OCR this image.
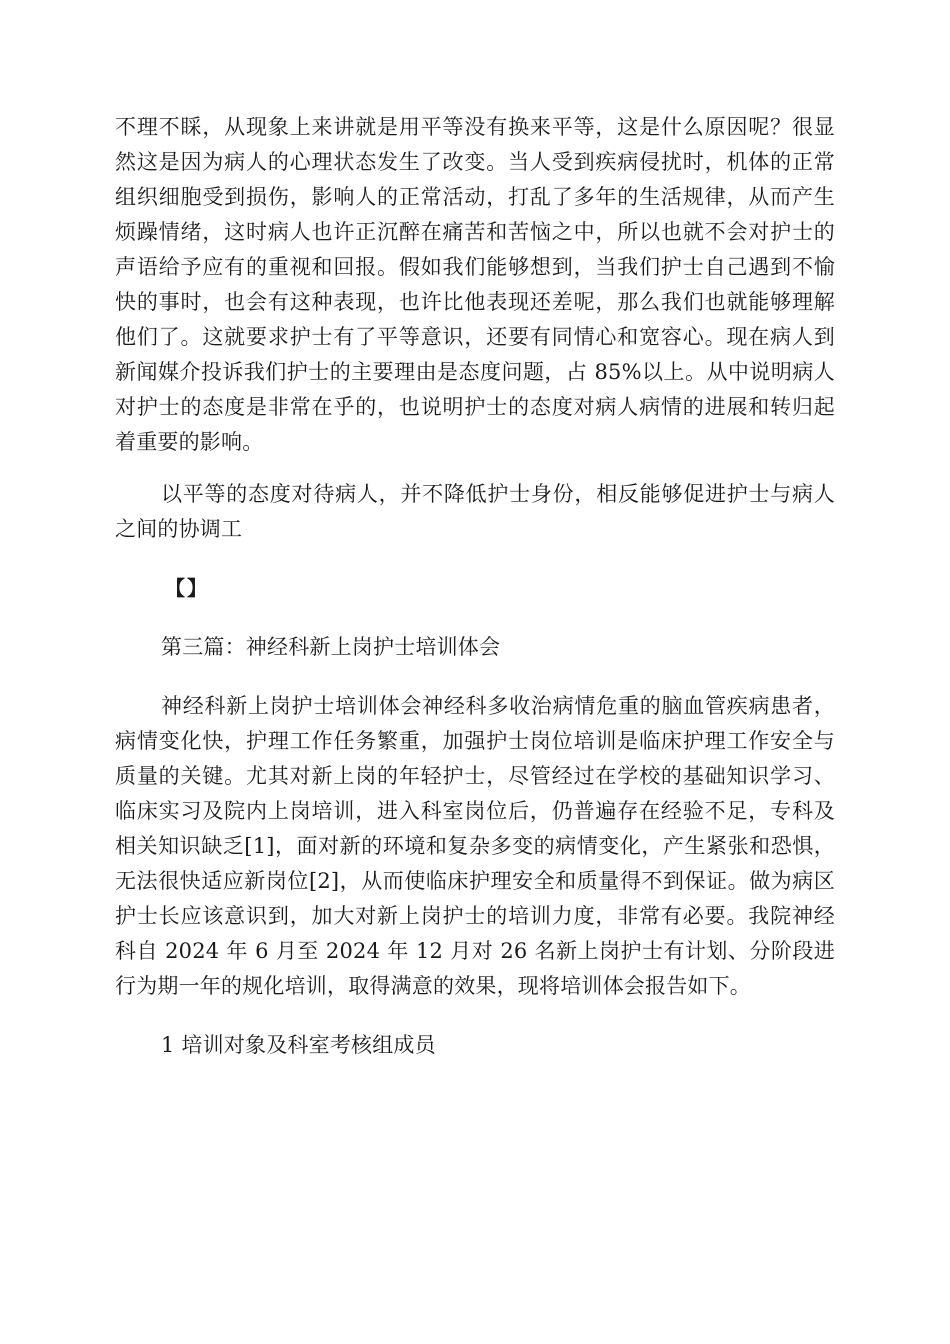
不理不睬，从现象上来讲就是用平等没有换来平等，这是什么原因呢？很显然这是因为病人的心理状态发生了改变。当人受到疾病侵扰时，机体的正常组织细胞受到损伤，影响人的正常活动，打乱了多年的生活规律，从而产生烦躁情绪，这时病人也许正沉醉在痛苦和苦恼之中，所以也就不会对护士的声语给予应有的重视和回报。假如我们能够想到，当我们护士自己遇到不愉快的事时，也会有这种表现，也许比他表现还差呢，那么我们也就能够理解他们了。这就要求护士有了平等意识，还要有同情心和宽容心。现在病人到新闻媒介投诉我们护士的主要理由是态度问题，占 85%以上。从中说明病人对护士的态度是非常在乎的，也说明护士的态度对病人病情的进展和转归起着重要的影响。

以平等的态度对待病人，并不降低护士身份，相反能够促进护士与病人之间的协调工

【】

第三篇：神经科新上岗护士培训体会

神经科新上岗护士培训体会神经科多收治病情危重的脑血管疾病患者，病情变化快，护理工作任务繁重，加强护士岗位培训是临床护理工作安全与质量的关键。尤其对新上岗的年轻护士，尽管经过在学校的基础知识学习、临床实习及院内上岗培训，进入科室岗位后，仍普遍存在经验不足，专科及相关知识缺乏[1]，面对新的环境和复杂多变的病情变化，产生紧张和恐惧，无法很快适应新岗位[2]，从而使临床护理安全和质量得不到保证。做为病区护士长应该意识到，加大对新上岗护士的培训力度，非常有必要。我院神经科自 2024 年 6 月至 2024 年 12 月对 26 名新上岗护士有计划、分阶段进行为期一年的规化培训，取得满意的效果，现将培训体会报告如下。

1 培训对象及科室考核组成员
